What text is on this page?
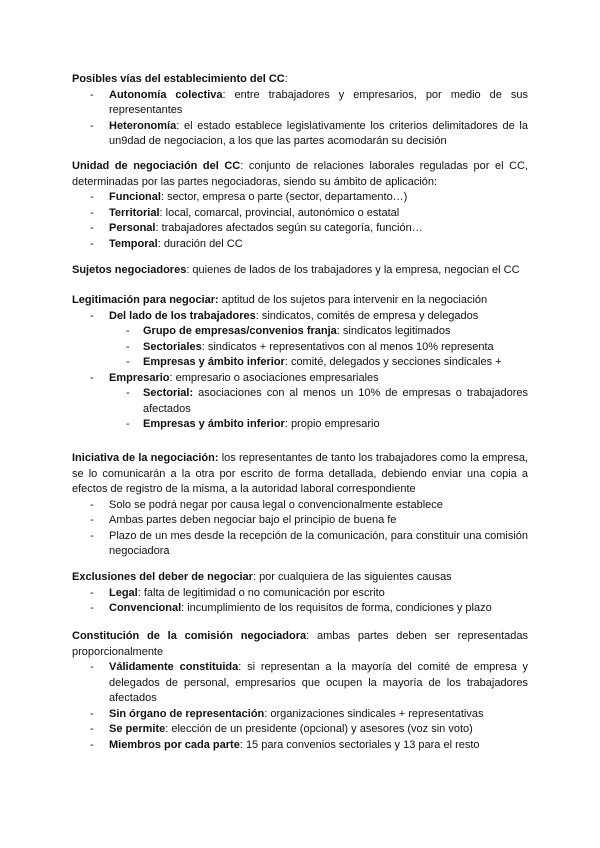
Posibles vías del establecimiento del CC:

- Autonomía colectiva: entre trabajadores y empresarios, por medio de sus representantes
- Heteronomía: el estado establece legislativamente los criterios delimitadores de la un9dad de negociacion, a los que las partes acomodarán su decisión

Unidad de negociación del CC: conjunto de relaciones laborales reguladas por el CC, determinadas por las partes negociadoras, siendo su ámbito de aplicación:

- Funcional: sector, empresa o parte (sector, departamento…)
- Territorial: local, comarcal, provincial, autonómico o estatal
- Personal: trabajadores afectados según su categoría, función…
- Temporal: duración del CC

Sujetos negociadores: quienes de lados de los trabajadores y la empresa, negocian el CC

Legitimación para negociar: aptitud de los sujetos para intervenir en la negociación

- Del lado de los trabajadores: sindicatos, comités de empresa y delegados
- Grupo de empresas/convenios franja: sindicatos legitimados
- Sectoriales: sindicatos + representativos con al menos 10% representa
- Empresas y ámbito inferior: comité, delegados y secciones sindicales +
- Empresario: empresario o asociaciones empresariales
- Sectorial: asociaciones con al menos un 10% de empresas o trabajadores afectados
- Empresas y ámbito inferior: propio empresario

Iniciativa de la negociación: los representantes de tanto los trabajadores como la empresa, se lo comunicarán a la otra por escrito de forma detallada, debiendo enviar una copia a efectos de registro de la misma, a la autoridad laboral correspondiente

- Solo se podrá negar por causa legal o convencionalmente establece
- Ambas partes deben negociar bajo el principio de buena fe
- Plazo de un mes desde la recepción de la comunicación, para constituir una comisión negociadora

Exclusiones del deber de negociar: por cualquiera de las siguientes causas

- Legal: falta de legitimidad o no comunicación por escrito
- Convencional: incumplimiento de los requisitos de forma, condiciones y plazo

Constitución de la comisión negociadora: ambas partes deben ser representadas proporcionalmente

- Válidamente constituida: si representan a la mayoría del comité de empresa y delegados de personal, empresarios que ocupen la mayoría de los trabajadores afectados
- Sin órgano de representación: organizaciones sindicales + representativas
- Se permite: elección de un presidente (opcional) y asesores (voz sin voto)
- Miembros por cada parte: 15 para convenios sectoriales y 13 para el resto
